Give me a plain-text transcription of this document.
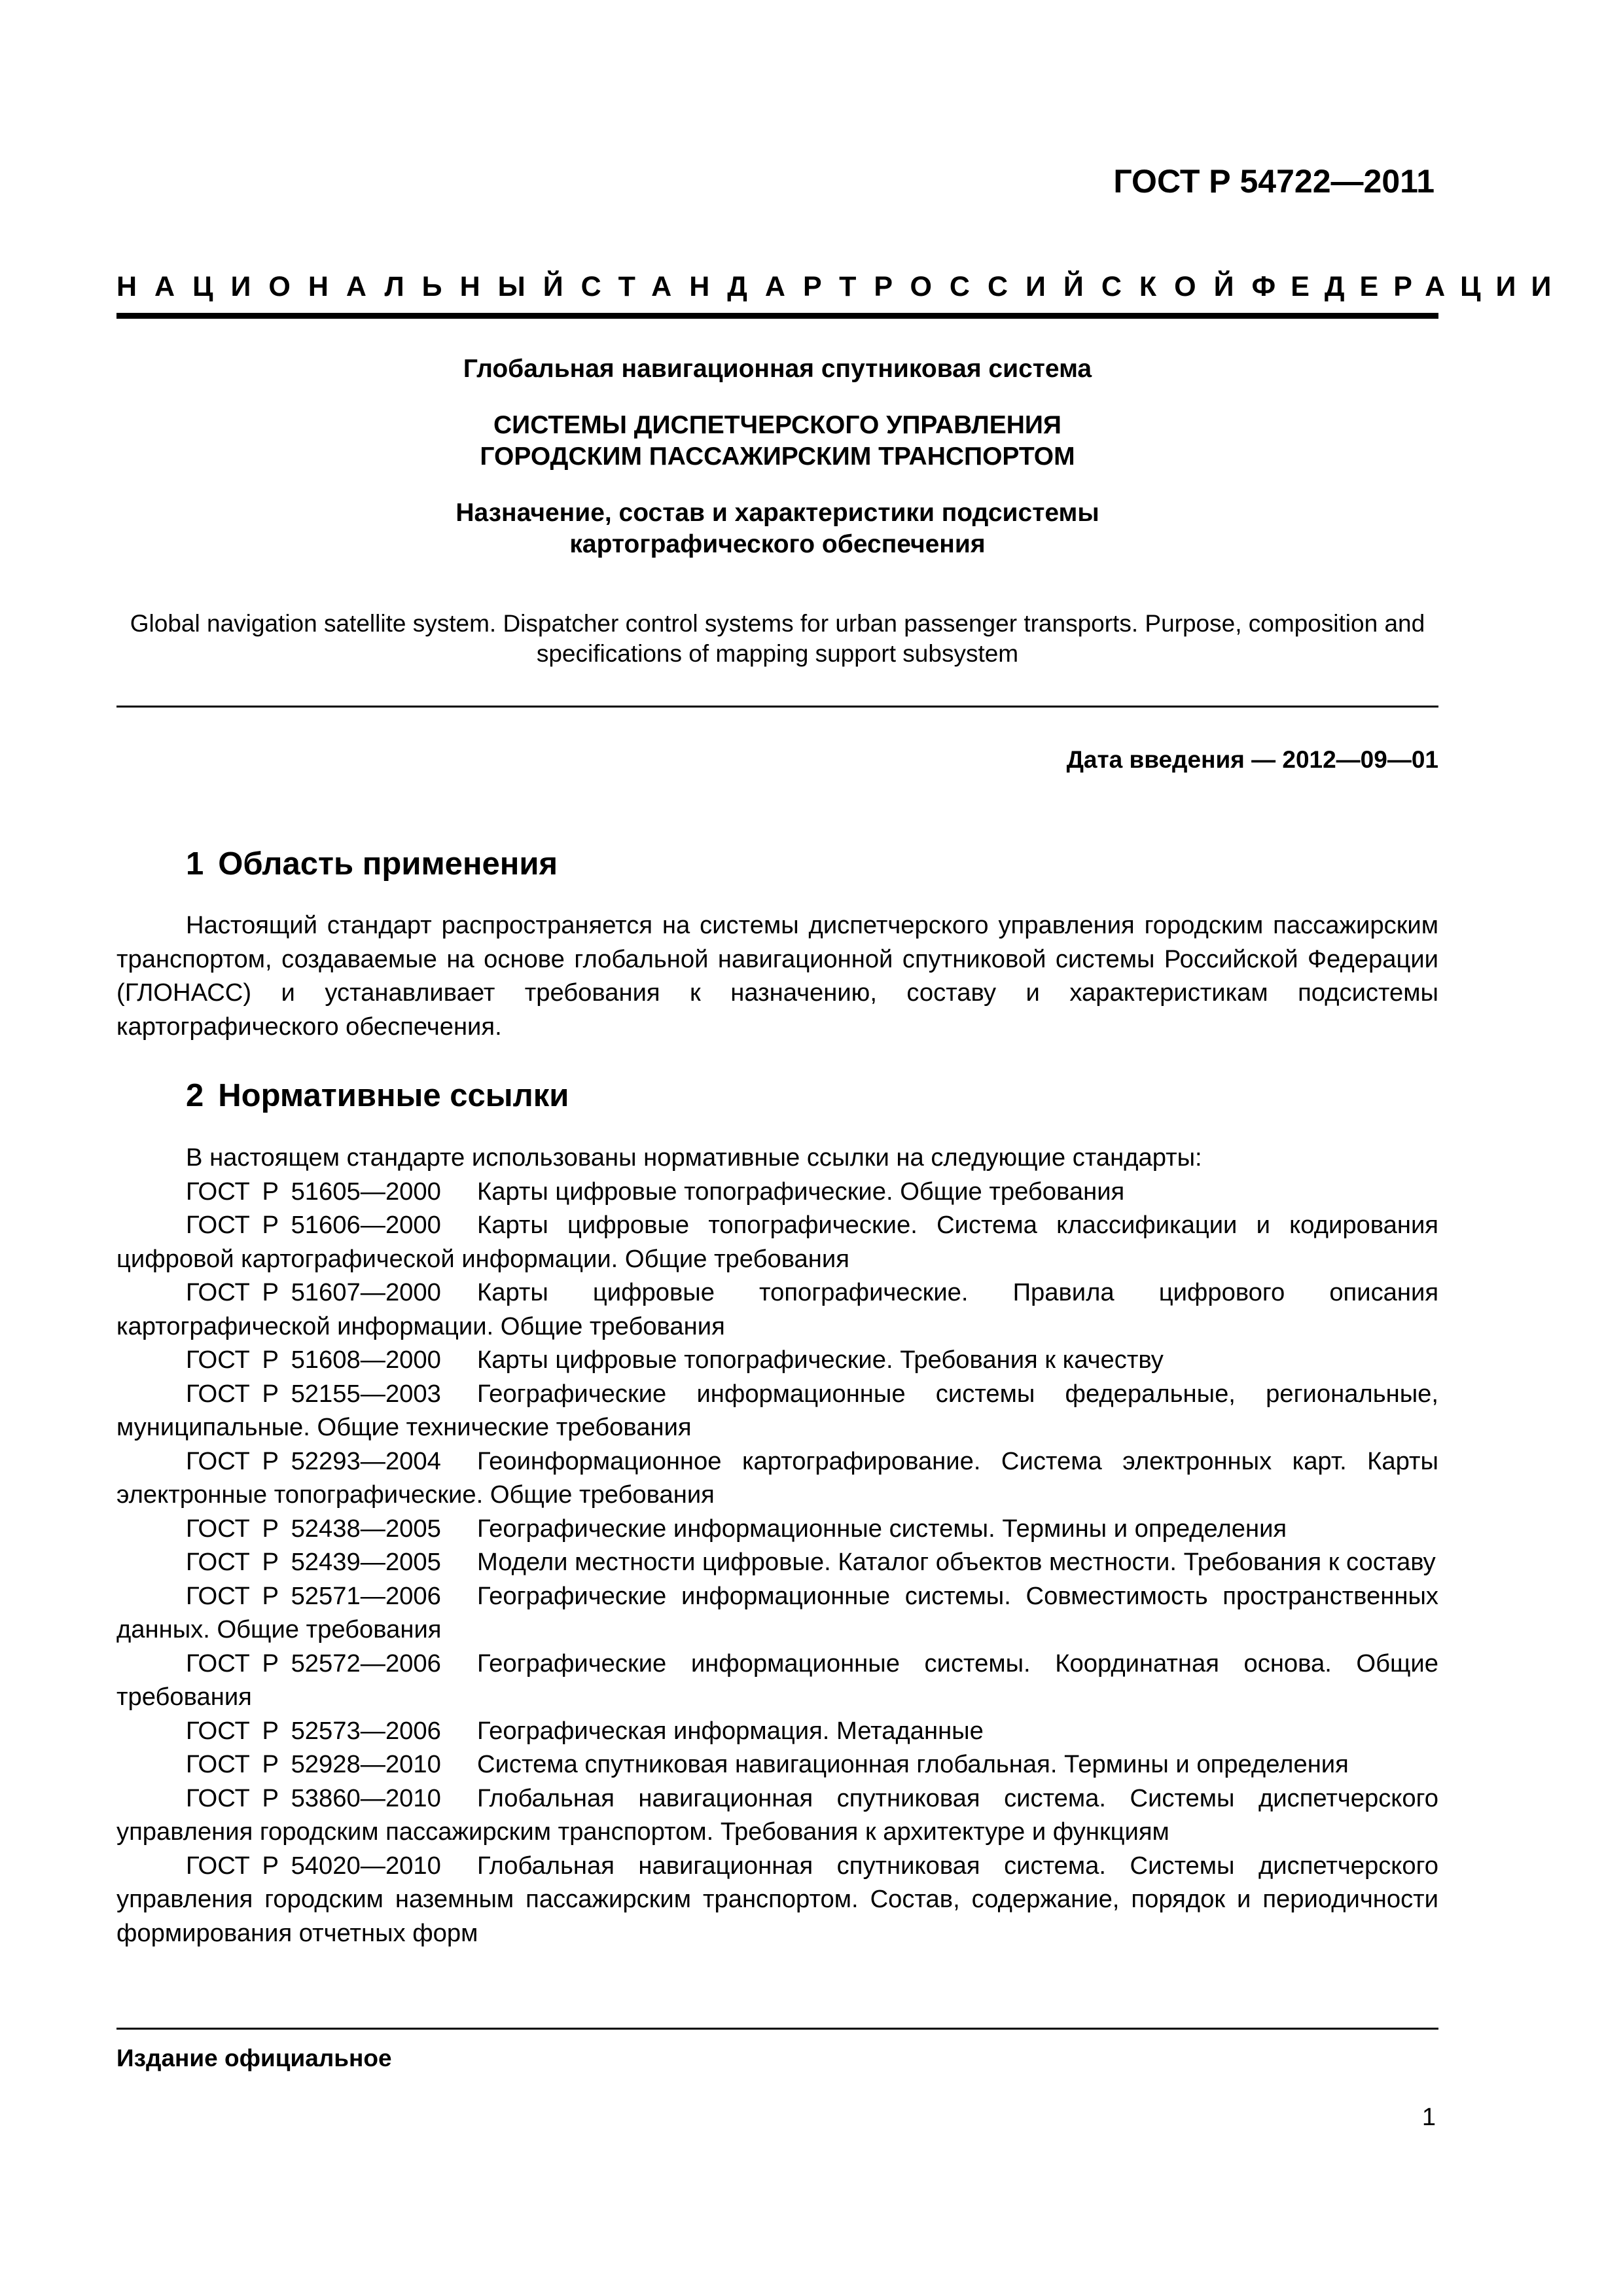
ГОСТ Р 54722—2011
НАЦИОНАЛЬНЫЙ СТАНДАРТ РОССИЙСКОЙ ФЕДЕРАЦИИ

Глобальная навигационная спутниковая система

СИСТЕМЫ ДИСПЕТЧЕРСКОГО УПРАВЛЕНИЯ

ГОРОДСКИМ ПАССАЖИРСКИМ ТРАНСПОРТОМ

Назначение, состав и характеристики подсистемы

картографического обеспечения

Global navigation satellite system. Dispatcher control systems for urban passenger transports. Purpose, composition and specifications of mapping support subsystem

Дата введения — 2012—09—01

1 Область применения

Настоящий стандарт распространяется на системы диспетчерского управления городским пассажирским транспортом, создаваемые на основе глобальной навигационной спутниковой системы Российской Федерации (ГЛОНАСС) и устанавливает требования к назначению, составу и характеристикам подсистемы картографического обеспечения.

2 Нормативные ссылки

В настоящем стандарте использованы нормативные ссылки на следующие стандарты:

ГОСТ Р 51605—2000 Карты цифровые топографические. Общие требования

ГОСТ Р 51606—2000 Карты цифровые топографические. Система классификации и кодирования цифровой картографической информации. Общие требования

ГОСТ Р 51607—2000 Карты цифровые топографические. Правила цифрового описания картографической информации. Общие требования

ГОСТ Р 51608—2000 Карты цифровые топографические. Требования к качеству

ГОСТ Р 52155—2003 Географические информационные системы федеральные, региональные, муниципальные. Общие технические требования

ГОСТ Р 52293—2004 Геоинформационное картографирование. Система электронных карт. Карты электронные топографические. Общие требования

ГОСТ Р 52438—2005 Географические информационные системы. Термины и определения

ГОСТ Р 52439—2005 Модели местности цифровые. Каталог объектов местности. Требования к составу

ГОСТ Р 52571—2006 Географические информационные системы. Совместимость пространственных данных. Общие требования

ГОСТ Р 52572—2006 Географические информационные системы. Координатная основа. Общие требования

ГОСТ Р 52573—2006 Географическая информация. Метаданные

ГОСТ Р 52928—2010 Система спутниковая навигационная глобальная. Термины и определения

ГОСТ Р 53860—2010 Глобальная навигационная спутниковая система. Системы диспетчерского управления городским пассажирским транспортом. Требования к архитектуре и функциям

ГОСТ Р 54020—2010 Глобальная навигационная спутниковая система. Системы диспетчерского управления городским наземным пассажирским транспортом. Состав, содержание, порядок и периодичности формирования отчетных форм

Издание официальное

1
